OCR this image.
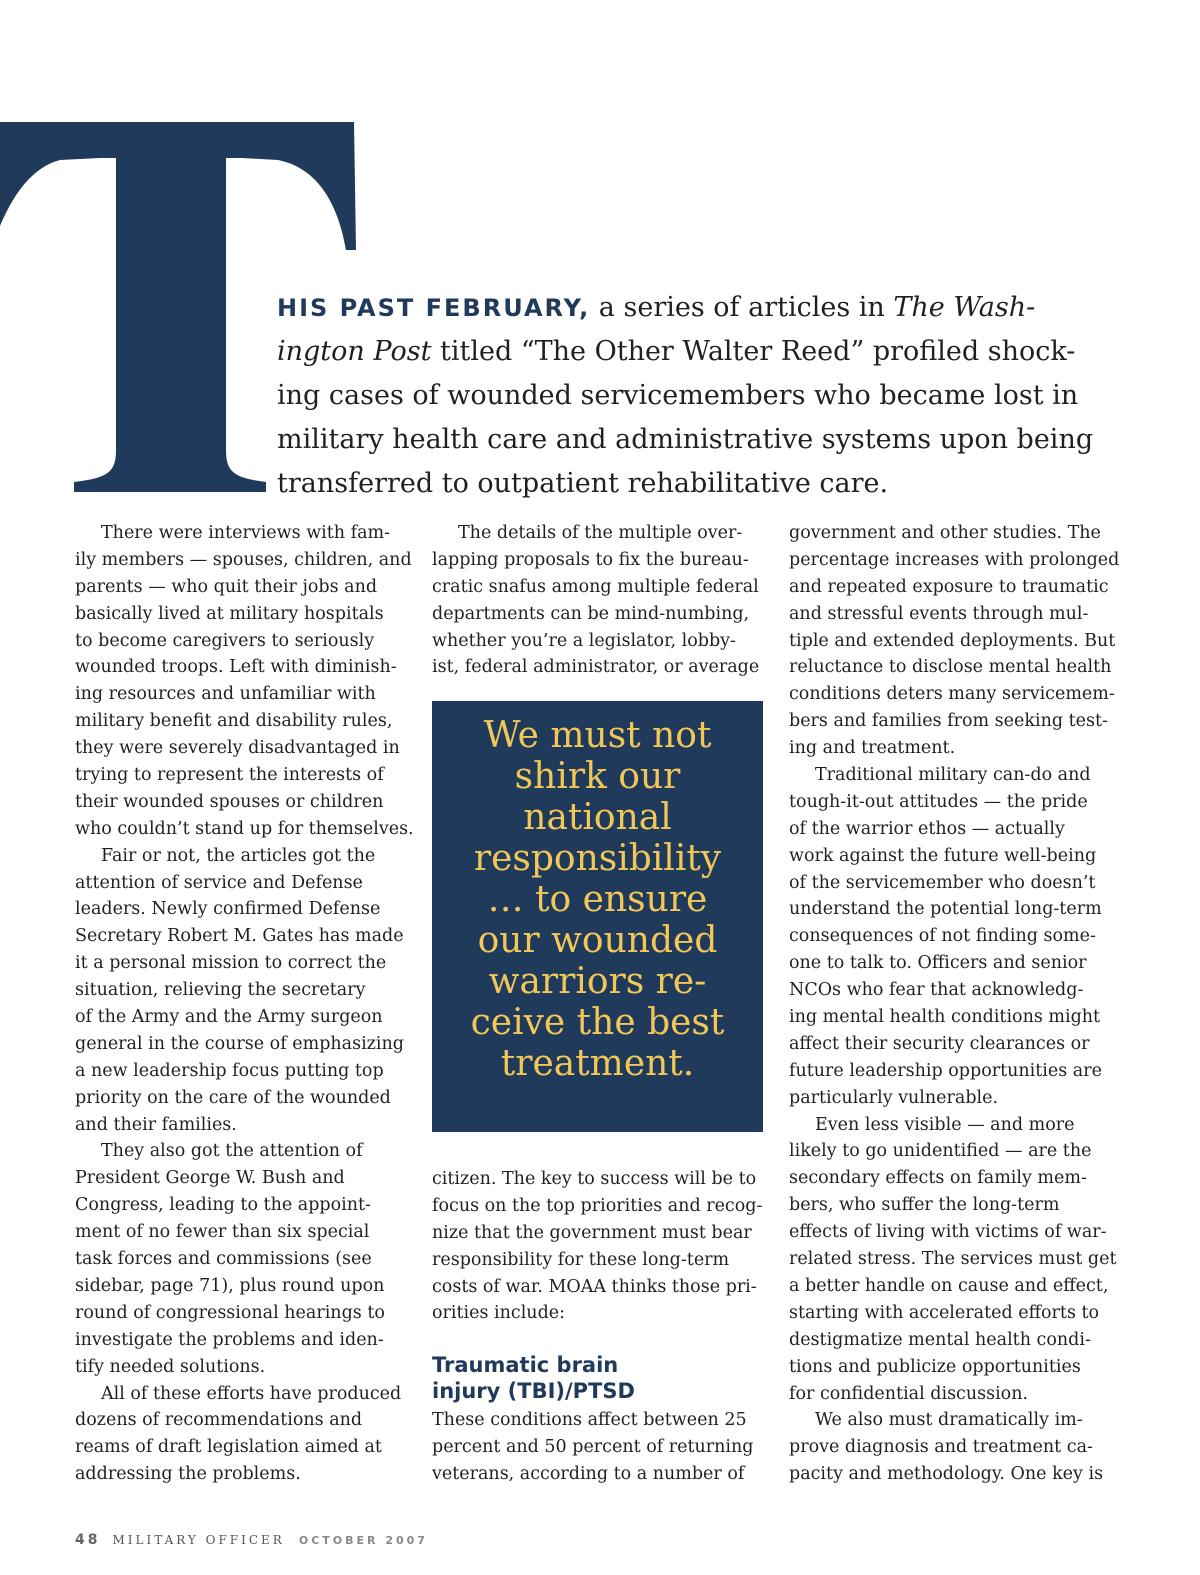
HIS PAST FEBRUARY, a series of articles in The Wash-

ington Post titled “The Other Walter Reed” profiled shock-

ing cases of wounded servicemembers who became lost in

military health care and administrative systems upon being

transferred to outpatient rehabilitative care.

There were interviews with fam-
ily members — spouses, children, and
parents — who quit their jobs and
basically lived at military hospitals
to become caregivers to seriously
wounded troops. Left with diminish-
ing resources and unfamiliar with
military benefit and disability rules,
they were severely disadvantaged in
trying to represent the interests of
their wounded spouses or children
who couldn’t stand up for themselves.
Fair or not, the articles got the
attention of service and Defense
leaders. Newly confirmed Defense
Secretary Robert M. Gates has made
it a personal mission to correct the
situation, relieving the secretary
of the Army and the Army surgeon
general in the course of emphasizing
a new leadership focus putting top
priority on the care of the wounded
and their families.
They also got the attention of
President George W. Bush and
Congress, leading to the appoint-
ment of no fewer than six special
task forces and commissions (see
sidebar, page 71), plus round upon
round of congressional hearings to
investigate the problems and iden-
tify needed solutions.
All of these efforts have produced
dozens of recommendations and
reams of draft legislation aimed at
addressing the problems.
The details of the multiple over-
lapping proposals to fix the bureau-
cratic snafus among multiple federal
departments can be mind-numbing,
whether you’re a legislator, lobby-
ist, federal administrator, or average
We must not
shirk our
national
responsibility
… to ensure
our wounded
warriors re-
ceive the best
treatment.
citizen. The key to success will be to
focus on the top priorities and recog-
nize that the government must bear
responsibility for these long-term
costs of war. MOAA thinks those pri-
orities include:
Traumatic brain
injury (TBI)/PTSD
These conditions affect between 25
percent and 50 percent of returning
veterans, according to a number of
government and other studies. The
percentage increases with prolonged
and repeated exposure to traumatic
and stressful events through mul-
tiple and extended deployments. But
reluctance to disclose mental health
conditions deters many servicemem-
bers and families from seeking test-
ing and treatment.
Traditional military can-do and
tough-it-out attitudes — the pride
of the warrior ethos — actually
work against the future well-being
of the servicemember who doesn’t
understand the potential long-term
consequences of not finding some-
one to talk to. Officers and senior
NCOs who fear that acknowledg-
ing mental health conditions might
affect their security clearances or
future leadership opportunities are
particularly vulnerable.
Even less visible — and more
likely to go unidentified — are the
secondary effects on family mem-
bers, who suffer the long-term
effects of living with victims of war-
related stress. The services must get
a better handle on cause and effect,
starting with accelerated efforts to
destigmatize mental health condi-
tions and publicize opportunities
for confidential discussion.
We also must dramatically im-
prove diagnosis and treatment ca-
pacity and methodology. One key is
48 MILITARY OFFICER OCTOBER 2007
